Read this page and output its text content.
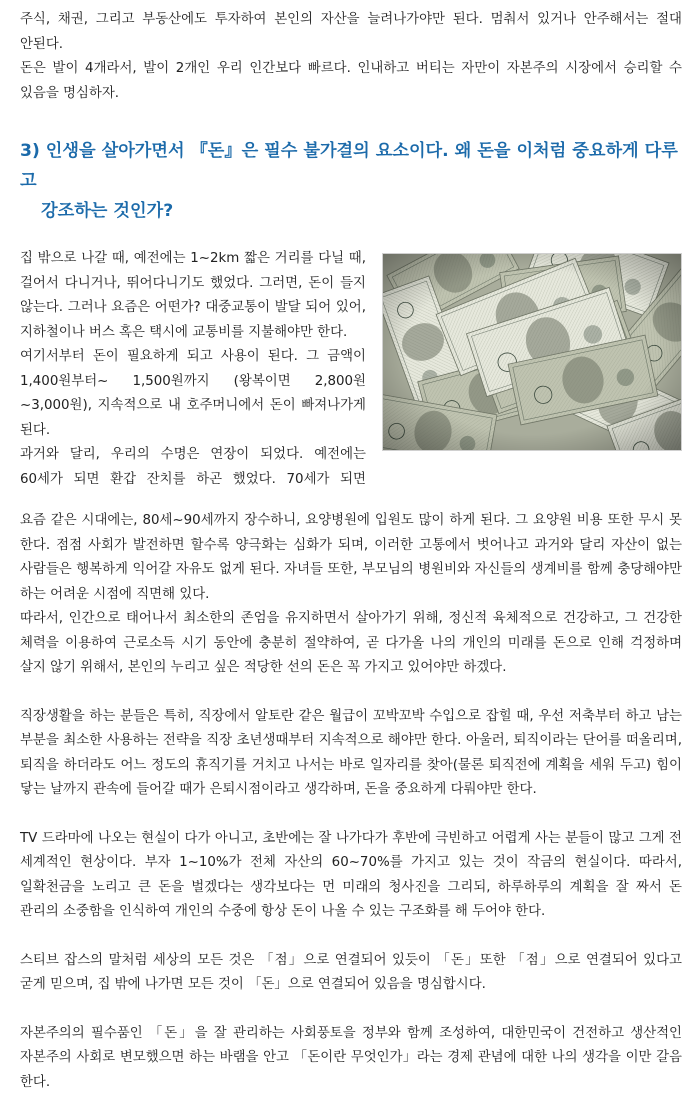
주식, 채권, 그리고 부동산에도 투자하여 본인의 자산을 늘려나가야만 된다. 멈춰서 있거나 안주해서는 절대 안된다.

돈은 발이 4개라서, 발이 2개인 우리 인간보다 빠르다. 인내하고 버티는 자만이 자본주의 시장에서 승리할 수 있음을 명심하자.

3) 인생을 살아가면서 『돈』은 필수 불가결의 요소이다. 왜 돈을 이처럼 중요하게 다루고
강조하는 것인가?

집 밖으로 나갈 때, 예전에는 1~2km 짧은 거리를 다닐 때, 걸어서 다니거나, 뛰어다니기도 했었다. 그러면, 돈이 들지 않는다. 그러나 요즘은 어떤가? 대중교통이 발달 되어 있어, 지하철이나 버스 혹은 택시에 교통비를 지불해야만 한다.

여기서부터 돈이 필요하게 되고 사용이 된다. 그 금액이 1,400원부터~ 1,500원까지 (왕복이면 2,800원~3,000원), 지속적으로 내 호주머니에서 돈이 빠져나가게 된다.

과거와 달리, 우리의 수명은 연장이 되었다. 예전에는 60세가 되면 환갑 잔치를 하곤 했었다. 70세가 되면

요즘 같은 시대에는, 80세~90세까지 장수하니, 요양병원에 입원도 많이 하게 된다. 그 요양원 비용 또한 무시 못 한다. 점점 사회가 발전하면 할수록 양극화는 심화가 되며, 이러한 고통에서 벗어나고 과거와 달리 자산이 없는 사람들은 행복하게 익어갈 자유도 없게 된다. 자녀들 또한, 부모님의 병원비와 자신들의 생계비를 함께 충당해야만 하는 어려운 시점에 직면해 있다.

따라서, 인간으로 태어나서 최소한의 존엄을 유지하면서 살아가기 위해, 정신적 육체적으로 건강하고, 그 건강한 체력을 이용하여 근로소득 시기 동안에 충분히 절약하여, 곧 다가올 나의 개인의 미래를 돈으로 인해 걱정하며 살지 않기 위해서, 본인의 누리고 싶은 적당한 선의 돈은 꼭 가지고 있어야만 하겠다.

직장생활을 하는 분들은 특히, 직장에서 알토란 같은 월급이 꼬박꼬박 수입으로 잡힐 때, 우선 저축부터 하고 남는 부분을 최소한 사용하는 전략을 직장 초년생때부터 지속적으로 해야만 한다. 아울러, 퇴직이라는 단어를 떠올리며, 퇴직을 하더라도 어느 정도의 휴직기를 거치고 나서는 바로 일자리를 찾아(물론 퇴직전에 계획을 세워 두고) 힘이 닿는 날까지 관속에 들어갈 때가 은퇴시점이라고 생각하며, 돈을 중요하게 다뤄야만 한다.

TV 드라마에 나오는 현실이 다가 아니고, 초반에는 잘 나가다가 후반에 극빈하고 어렵게 사는 분들이 많고 그게 전 세계적인 현상이다. 부자 1~10%가 전체 자산의 60~70%를 가지고 있는 것이 작금의 현실이다. 따라서, 일확천금을 노리고 큰 돈을 벌겠다는 생각보다는 먼 미래의 청사진을 그리되, 하루하루의 계획을 잘 짜서 돈 관리의 소중함을 인식하여 개인의 수중에 항상 돈이 나올 수 있는 구조화를 해 두어야 한다.

스티브 잡스의 말처럼 세상의 모든 것은 「점」으로 연결되어 있듯이 「돈」또한 「점」으로 연결되어 있다고 굳게 믿으며, 집 밖에 나가면 모든 것이 「돈」으로 연결되어 있음을 명심합시다.

자본주의의 필수품인 「돈」을 잘 관리하는 사회풍토을 정부와 함께 조성하여, 대한민국이 건전하고 생산적인 자본주의 사회로 변모했으면 하는 바램을 안고 「돈이란 무엇인가」라는 경제 관념에 대한 나의 생각을 이만 갈음 한다.
